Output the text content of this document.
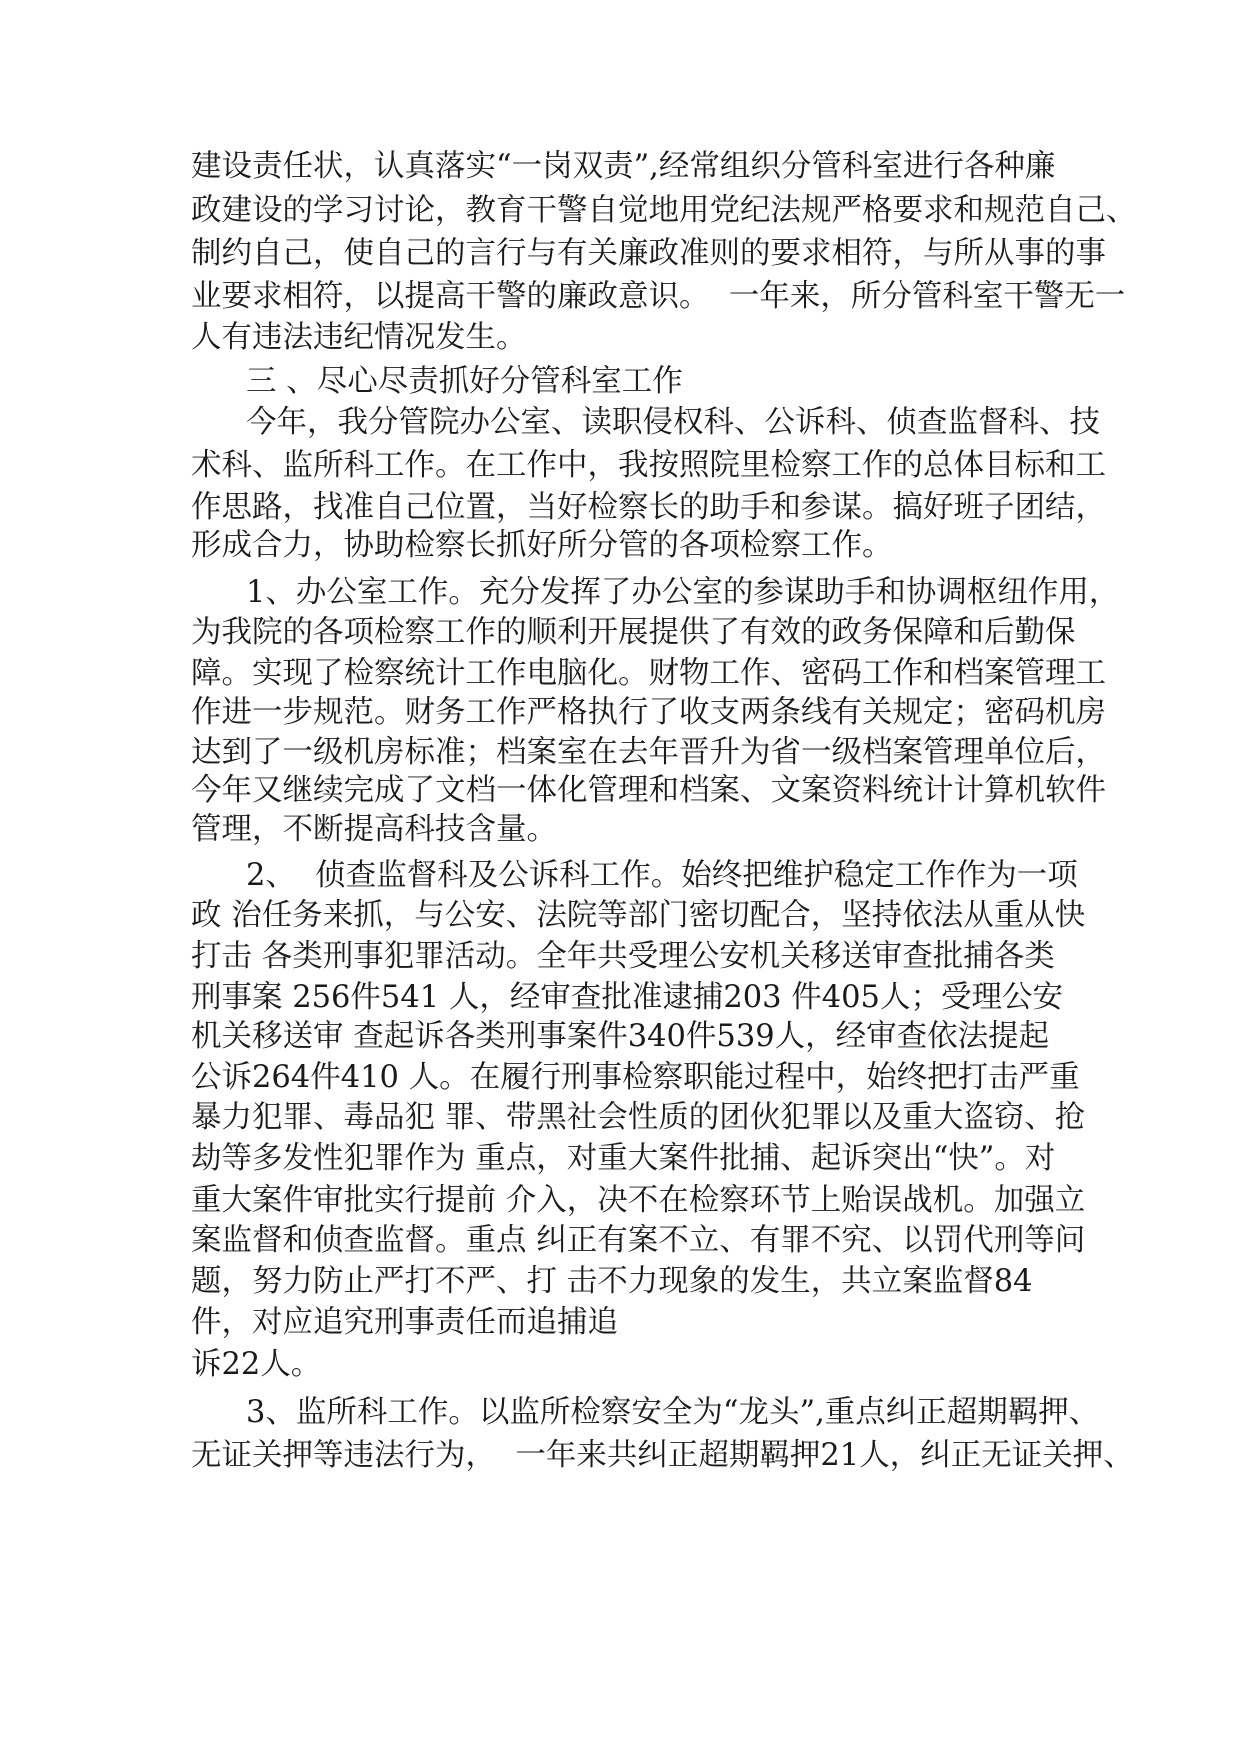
建设责任状，认真落实“一岗双责”,经常组织分管科室进行各种廉
政建设的学习讨论，教育干警自觉地用党纪法规严格要求和规范自己、
制约自己，使自己的言行与有关廉政准则的要求相符，与所从事的事
业要求相符，以提高干警的廉政意识。  一年来，所分管科室干警无一
人有违法违纪情况发生。
三 、尽心尽责抓好分管科室工作
今年，我分管院办公室、读职侵权科、公诉科、侦查监督科、技
术科、监所科工作。在工作中，我按照院里检察工作的总体目标和工
作思路，找准自己位置，当好检察长的助手和参谋。搞好班子团结，
形成合力，协助检察长抓好所分管的各项检察工作。
1、办公室工作。充分发挥了办公室的参谋助手和协调枢纽作用，
为我院的各项检察工作的顺利开展提供了有效的政务保障和后勤保
障。实现了检察统计工作电脑化。财物工作、密码工作和档案管理工
作进一步规范。财务工作严格执行了收支两条线有关规定；密码机房
达到了一级机房标准；档案室在去年晋升为省一级档案管理单位后，
今年又继续完成了文档一体化管理和档案、文案资料统计计算机软件
管理，不断提高科技含量。
2、  侦查监督科及公诉科工作。始终把维护稳定工作作为一项
政 治任务来抓，与公安、法院等部门密切配合，坚持依法从重从快
打击 各类刑事犯罪活动。全年共受理公安机关移送审查批捕各类
刑事案 256件541 人，经审查批准逮捕203 件405人；受理公安
机关移送审 查起诉各类刑事案件340件539人，经审查依法提起
公诉264件410 人。在履行刑事检察职能过程中，始终把打击严重
暴力犯罪、毒品犯 罪、带黑社会性质的团伙犯罪以及重大盗窃、抢
劫等多发性犯罪作为 重点，对重大案件批捕、起诉突出“快”。对
重大案件审批实行提前 介入，决不在检察环节上贻误战机。加强立
案监督和侦查监督。重点 纠正有案不立、有罪不究、以罚代刑等问
题，努力防止严打不严、打 击不力现象的发生，共立案监督84
件，对应追究刑事责任而追捕追
诉22人。
3、监所科工作。以监所检察安全为“龙头”,重点纠正超期羁押、
无证关押等违法行为，  一年来共纠正超期羁押21人，纠正无证关押、
